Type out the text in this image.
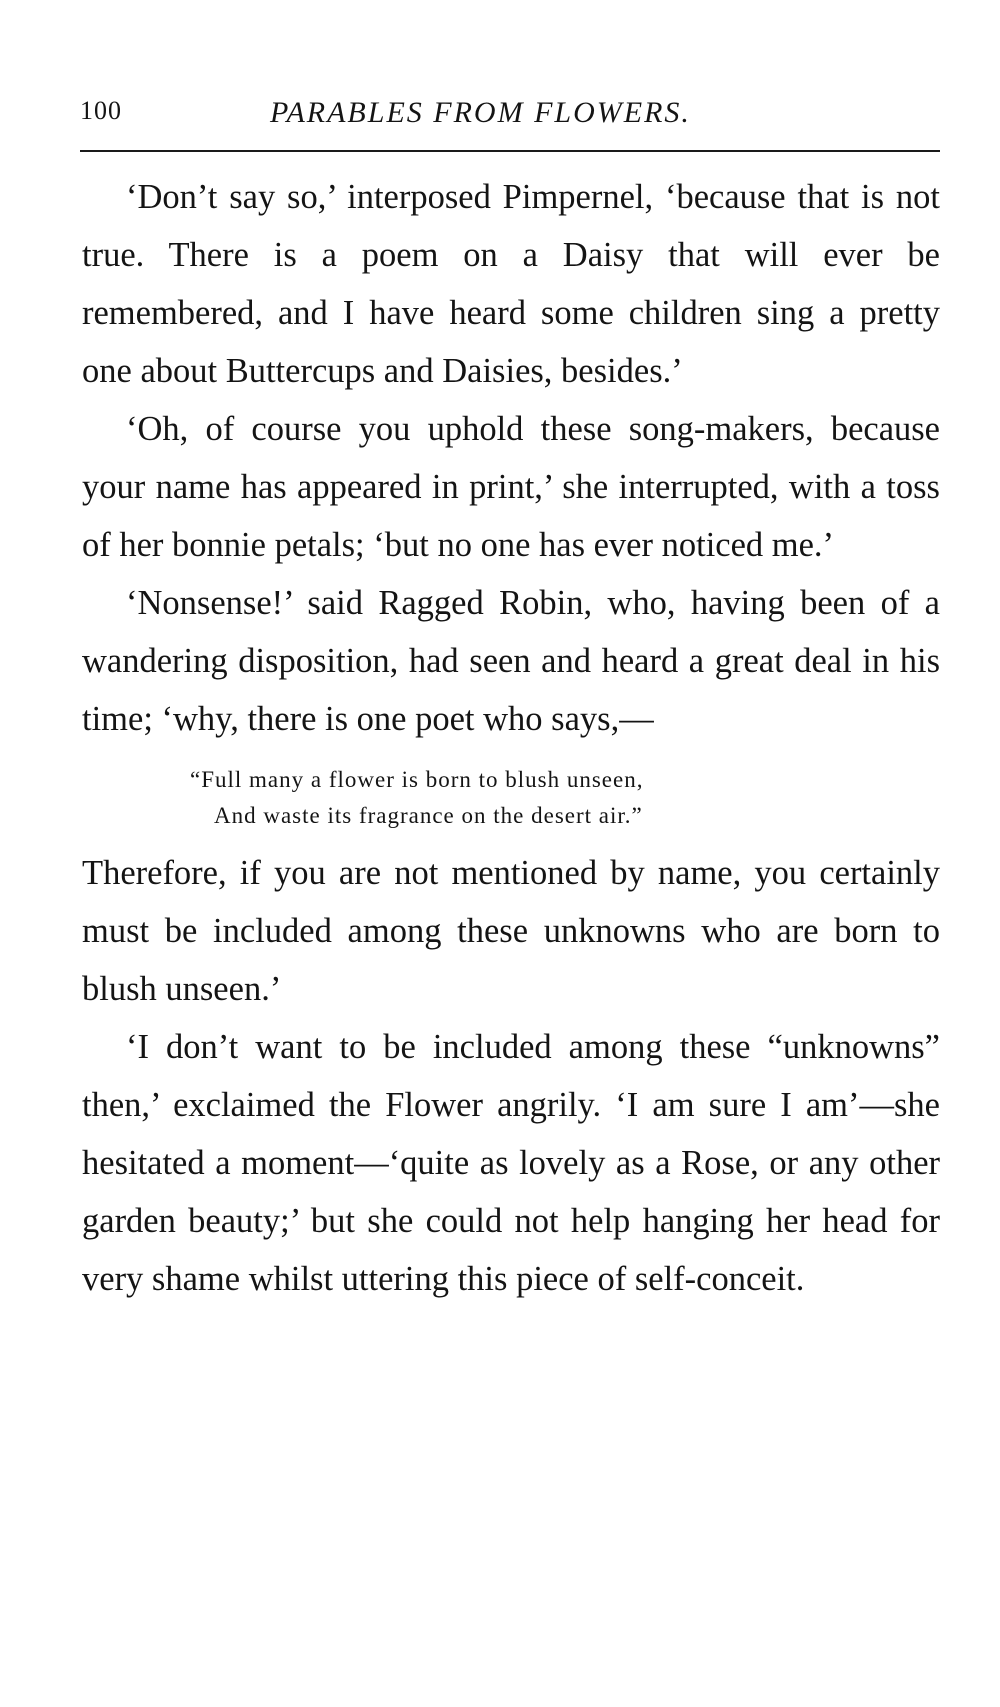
100	PARABLES FROM FLOWERS.

‘Don’t say so,’ interposed Pimpernel, ‘because that is not true. There is a poem on a Daisy that will ever be remembered, and I have heard some children sing a pretty one about Buttercups and Daisies, besides.’

‘Oh, of course you uphold these song-makers, because your name has appeared in print,’ she interrupted, with a toss of her bonnie petals; ‘but no one has ever noticed me.’

‘Nonsense!’ said Ragged Robin, who, having been of a wandering disposition, had seen and heard a great deal in his time; ‘why, there is one poet who says,—

“Full many a flower is born to blush unseen,
And waste its fragrance on the desert air.”

Therefore, if you are not mentioned by name, you certainly must be included among these unknowns who are born to blush unseen.’

‘I don’t want to be included among these “unknowns” then,’ exclaimed the Flower angrily. ‘I am sure I am’—she hesitated a moment—‘quite as lovely as a Rose, or any other garden beauty;’ but she could not help hanging her head for very shame whilst uttering this piece of self-conceit.
